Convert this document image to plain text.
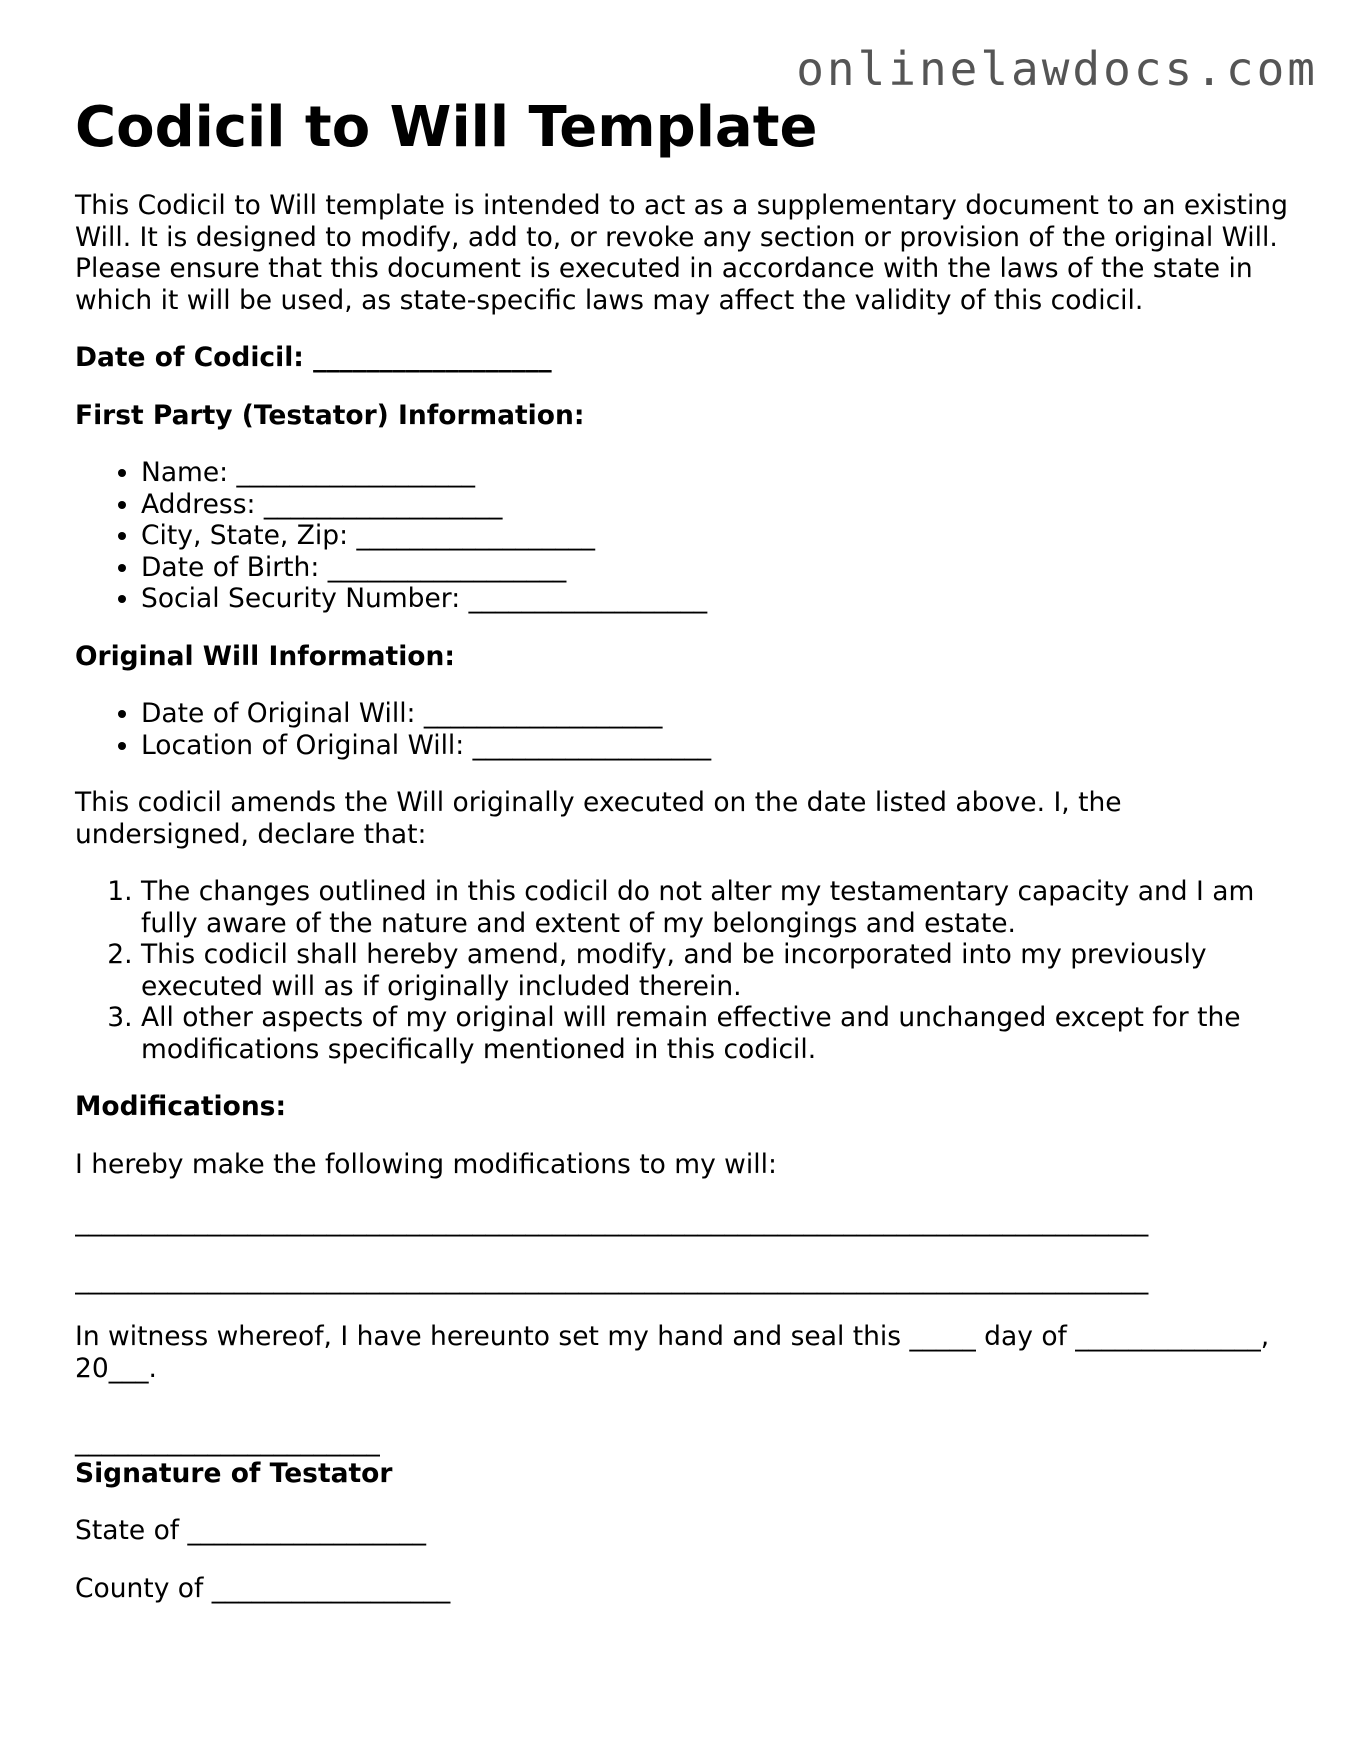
onlinelawdocs.com
Codicil to Will Template

This Codicil to Will template is intended to act as a supplementary document to an existing Will. It is designed to modify, add to, or revoke any section or provision of the original Will. Please ensure that this document is executed in accordance with the laws of the state in which it will be used, as state-specific laws may affect the validity of this codicil.

Date of Codicil: __________________

First Party (Testator) Information:

• Name: __________________
• Address: __________________
• City, State, Zip: __________________
• Date of Birth: __________________
• Social Security Number: __________________

Original Will Information:

• Date of Original Will: __________________
• Location of Original Will: __________________

This codicil amends the Will originally executed on the date listed above. I, the undersigned, declare that:

1. The changes outlined in this codicil do not alter my testamentary capacity and I am fully aware of the nature and extent of my belongings and estate.
2. This codicil shall hereby amend, modify, and be incorporated into my previously executed will as if originally included therein.
3. All other aspects of my original will remain effective and unchanged except for the modifications specifically mentioned in this codicil.

Modifications:

I hereby make the following modifications to my will:

_________________________________________________________________________________

_________________________________________________________________________________

In witness whereof, I have hereunto set my hand and seal this _____ day of ______________, 20___.

_______________________

Signature of Testator

State of __________________

County of __________________
